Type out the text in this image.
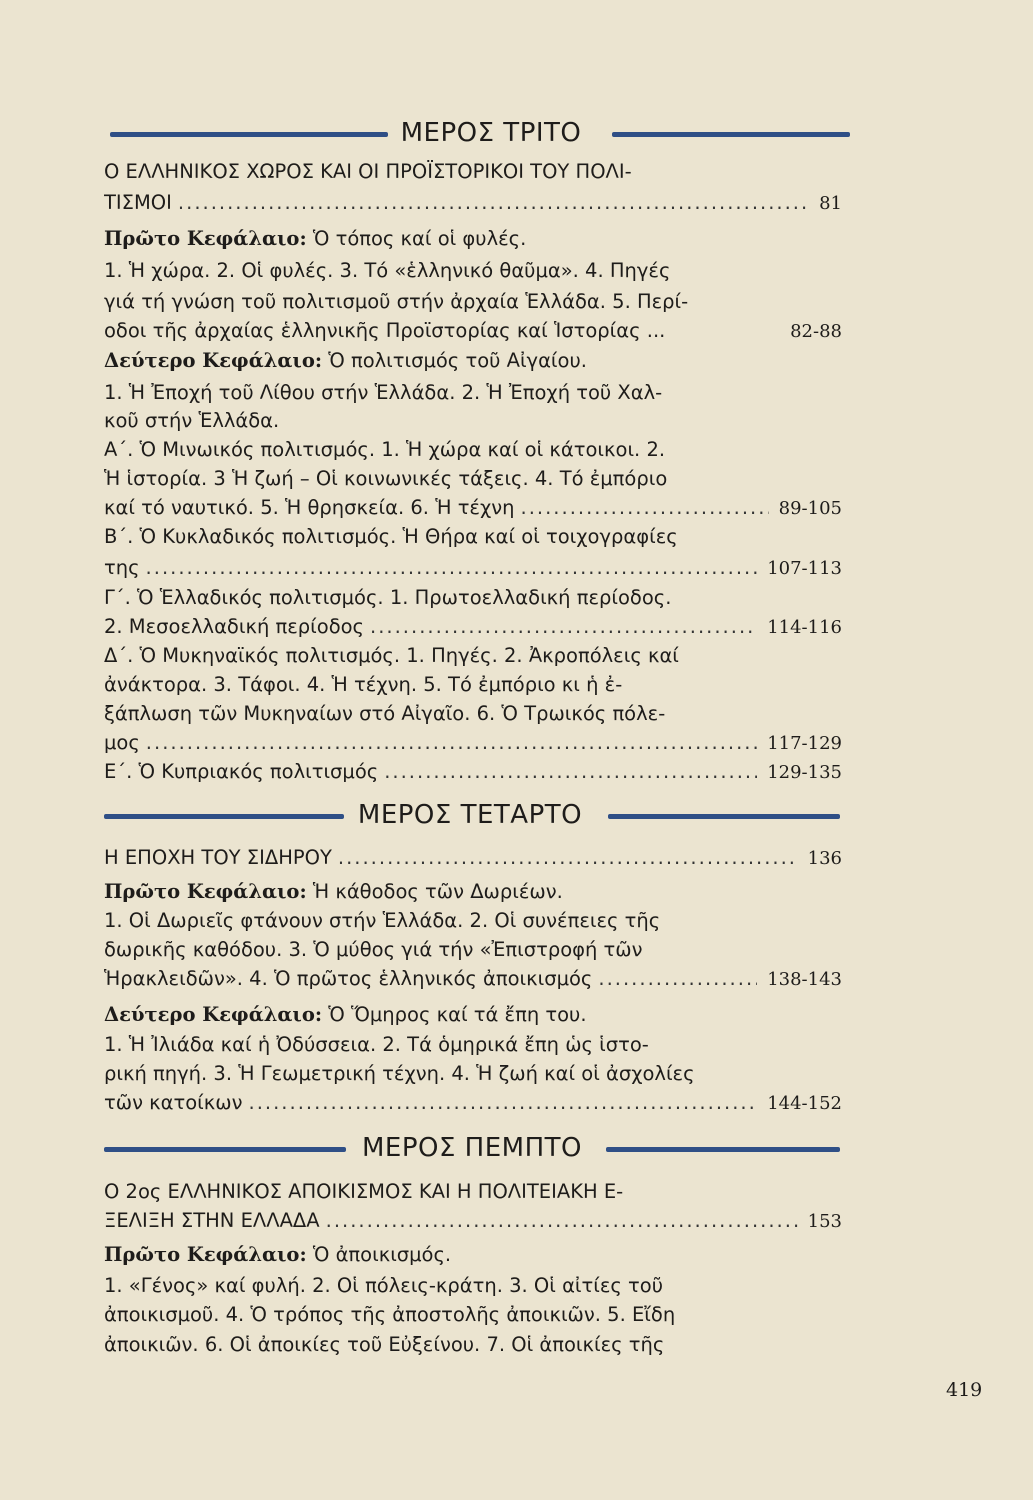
ΜΕΡΟΣ ΤΡΙΤΟ
Ο ΕΛΛΗΝΙΚΟΣ ΧΩΡΟΣ ΚΑΙ ΟΙ ΠΡΟΪΣΤΟΡΙΚΟΙ ΤΟΥ ΠΟΛΙ-
ΤΙΣΜΟΙ .....	81
Πρῶτο Κεφάλαιο: Ὁ τόπος καί οἱ φυλές.
1. Ἡ χώρα. 2. Οἱ φυλές. 3. Τό «ἑλληνικό θαῦμα». 4. Πηγές
γιά τή γνώση τοῦ πολιτισμοῦ στήν ἀρχαία Ἑλλάδα. 5. Περί-
οδοι τῆς ἀρχαίας ἑλληνικῆς Προϊστορίας καί Ἱστορίας ...	82-88
Δεύτερο Κεφάλαιο: Ὁ πολιτισμός τοῦ Αἰγαίου.
1. Ἡ Ἐποχή τοῦ Λίθου στήν Ἑλλάδα. 2. Ἡ Ἐποχή τοῦ Χαλ-
κοῦ στήν Ἑλλάδα.
Α΄. Ὁ Μινωικός πολιτισμός. 1. Ἡ χώρα καί οἱ κάτοικοι. 2.
Ἡ ἱστορία. 3 Ἡ ζωή – Οἱ κοινωνικές τάξεις. 4. Τό ἐμπόριο
καί τό ναυτικό. 5. Ἡ θρησκεία. 6. Ἡ τέχνη .....	89-105
Β΄. Ὁ Κυκλαδικός πολιτισμός. Ἡ Θήρα καί οἱ τοιχογραφίες
της .....	107-113
Γ΄. Ὁ Ἑλλαδικός πολιτισμός. 1. Πρωτοελλαδική περίοδος.
2. Μεσοελλαδική περίοδος .....	114-116
Δ΄. Ὁ Μυκηναϊκός πολιτισμός. 1. Πηγές. 2. Ἀκροπόλεις καί
ἀνάκτορα. 3. Τάφοι. 4. Ἡ τέχνη. 5. Τό ἐμπόριο κι ἡ ἐ-
ξάπλωση τῶν Μυκηναίων στό Αἰγαῖο. 6. Ὁ Τρωικός πόλε-
μος .....	117-129
Ε΄. Ὁ Κυπριακός πολιτισμός .....	129-135
ΜΕΡΟΣ ΤΕΤΑΡΤΟ
Η ΕΠΟΧΗ ΤΟΥ ΣΙΔΗΡΟΥ .....	136
Πρῶτο Κεφάλαιο: Ἡ κάθοδος τῶν Δωριέων.
1. Οἱ Δωριεῖς φτάνουν στήν Ἑλλάδα. 2. Οἱ συνέπειες τῆς
δωρικῆς καθόδου. 3. Ὁ μύθος γιά τήν «Ἐπιστροφή τῶν
Ἡρακλειδῶν». 4. Ὁ πρῶτος ἑλληνικός ἀποικισμός .....	138-143
Δεύτερο Κεφάλαιο: Ὁ Ὅμηρος καί τά ἔπη του.
1. Ἡ Ἰλιάδα καί ἡ Ὀδύσσεια. 2. Τά ὁμηρικά ἔπη ὡς ἱστο-
ρική πηγή. 3. Ἡ Γεωμετρική τέχνη. 4. Ἡ ζωή καί οἱ ἀσχολίες
τῶν κατοίκων .....	144-152
ΜΕΡΟΣ ΠΕΜΠΤΟ
Ο 2ος ΕΛΛΗΝΙΚΟΣ ΑΠΟΙΚΙΣΜΟΣ ΚΑΙ Η ΠΟΛΙΤΕΙΑΚΗ Ε-
ΞΕΛΙΞΗ ΣΤΗΝ ΕΛΛΑΔΑ .....	153
Πρῶτο Κεφάλαιο: Ὁ ἀποικισμός.
1. «Γένος» καί φυλή. 2. Οἱ πόλεις-κράτη. 3. Οἱ αἰτίες τοῦ
ἀποικισμοῦ. 4. Ὁ τρόπος τῆς ἀποστολῆς ἀποικιῶν. 5. Εἴδη
ἀποικιῶν. 6. Οἱ ἀποικίες τοῦ Εὐξείνου. 7. Οἱ ἀποικίες τῆς
419
